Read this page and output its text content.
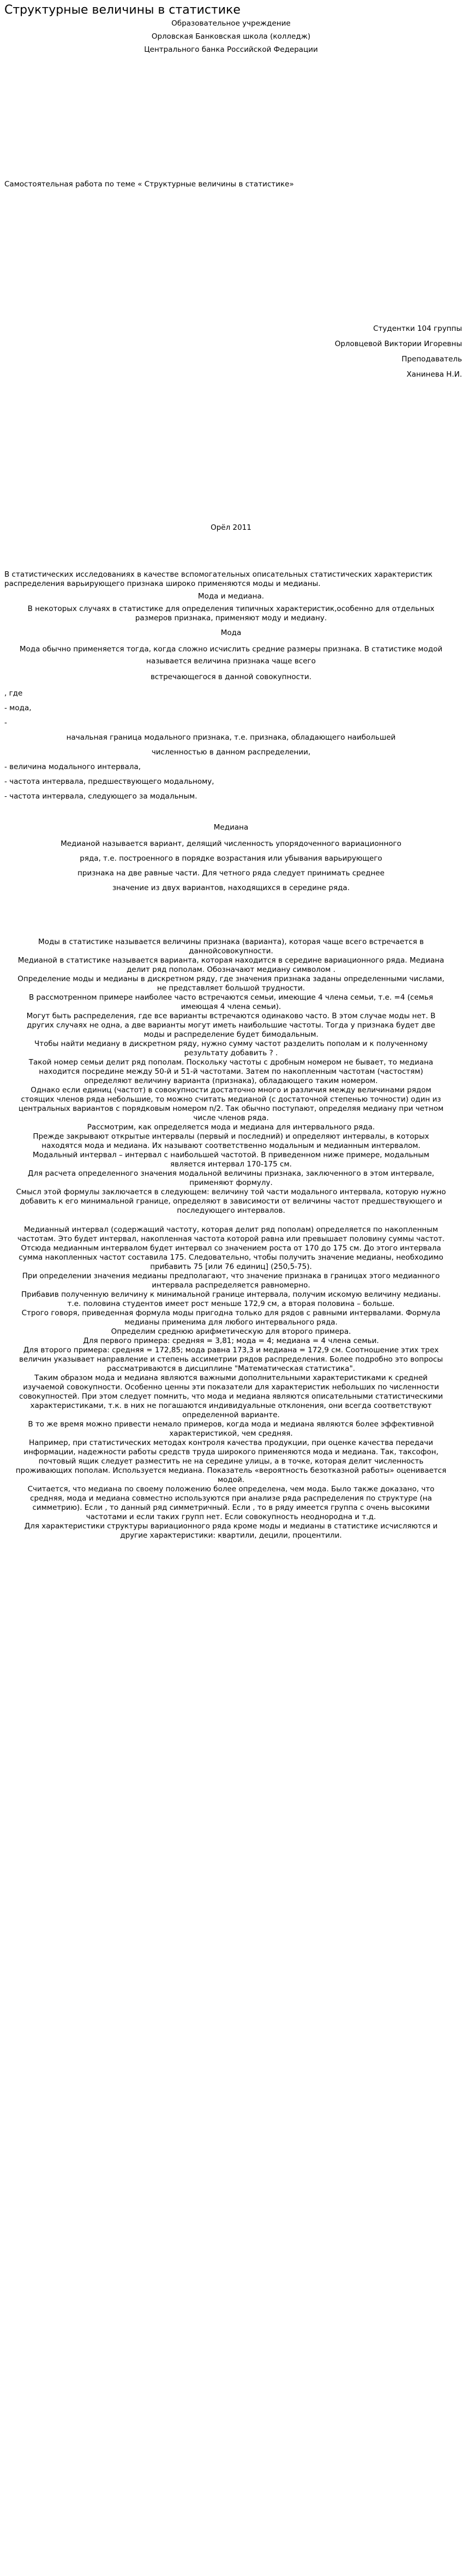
Структурные величины в статистике
Образовательное учреждение
Орловская Банковская школа (колледж)
Центрального банка Российской Федерации
Самостоятельная работа по теме « Структурные величины в статистике»
Студентки 104 группы
Орловцевой Виктории Игоревны
Преподаватель
Ханинева Н.И.
Орёл 2011
В статистических исследованиях в качестве вспомогательных описательных статистических характеристик распределения варьирующего признака широко применяются моды и медианы.
Мода и медиана.
В некоторых случаях в статистике для определения типичных характеристик,особенно для отдельных размеров признака, применяют моду и медиану.
Мода
Мода обычно применяется тогда, когда сложно исчислить средние размеры признака. В статистике модой называется величина признака чаще всего
встречающегося в данной совокупности.
, где
- мода,
-
начальная граница модального признака, т.е. признака, обладающего наибольшей
численностью в данном распределении,
- величина модального интервала,
- частота интервала, предшествующего модальному,
- частота интервала, следующего за модальным.
Медиана
Медианой называется вариант, делящий численность упорядоченного вариационного
ряда, т.е. построенного в порядке возрастания или убывания варьирующего
признака на две равные части. Для четного ряда следует принимать среднее
значение из двух вариантов, находящихся в середине ряда.
Моды в статистике называется величины признака (варианта), которая чаще всего встречается в даннойсовокупности.
Медианой в статистике называется варианта, которая находится в середине вариационного ряда. Медиана делит ряд пополам. Обозначают медиану символом .
Определение моды и медианы в дискретном ряду, где значения признака заданы определенными числами, не представляет большой трудности.
В рассмотренном примере наиболее часто встречаются семьи, имеющие 4 члена семьи, т.е. =4 (семья имеющая 4 члена семьи).
Могут быть распределения, где все варианты встречаются одинаково часто. В этом случае моды нет. В других случаях не одна, а две варианты могут иметь наибольшие частоты. Тогда у признака будет две моды и распределение будет бимодальным.
Чтобы найти медиану в дискретном ряду, нужно сумму частот разделить пополам и к полученному результату добавить ? .
Такой номер семьи делит ряд пополам. Поскольку частоты с дробным номером не бывает, то медиана находится посредине между 50-й и 51-й частотами. Затем по накопленным частотам (частостям) определяют величину варианта (признака), обладающего таким номером.
Однако если единиц (частот) в совокупности достаточно много и различия между величинами рядом стоящих членов ряда небольшие, то можно считать медианой (с достаточной степенью точности) один из центральных вариантов с порядковым номером n/2. Так обычно поступают, определяя медиану при четном числе членов ряда.
Рассмотрим, как определяется мода и медиана для интервального ряда.
Прежде закрывают открытые интервалы (первый и последний) и определяют интервалы, в которых находятся мода и медиана. Их называют соответственно модальным и медианным интервалом.
Модальный интервал – интервал с наибольшей частотой. В приведенном ниже примере, модальным является интервал 170-175 см.
Для расчета определенного значения модальной величины признака, заключенного в этом интервале, применяют формулу.
Смысл этой формулы заключается в следующем: величину той части модального интервала, которую нужно добавить к его минимальной границе, определяют в зависимости от величины частот предшествующего и последующего интервалов.
Медианный интервал (содержащий частоту, которая делит ряд пополам) определяется по накопленным частотам. Это будет интервал, накопленная частота которой равна или превышает половину суммы частот.
Отсюда медианным интервалом будет интервал со значением роста от 170 до 175 см. До этого интервала сумма накопленных частот составила 175. Следовательно, чтобы получить значение медианы, необходимо прибавить 75 [или 76 единиц] (250,5-75).
При определении значения медианы предполагают, что значение признака в границах этого медианного интервала распределяется равномерно.
Прибавив полученную величину к минимальной границе интервала, получим искомую величину медианы.
т.е. половина студентов имеет рост меньше 172,9 см, а вторая половина – больше.
Строго говоря, приведенная формула моды пригодна только для рядов с равными интервалами. Формула медианы применима для любого интервального ряда.
Определим среднюю арифметическую для второго примера.
Для первого примера: средняя = 3,81; мода = 4; медиана = 4 члена семьи.
Для второго примера: средняя = 172,85; мода равна 173,3 и медиана = 172,9 см. Соотношение этих трех величин указывает направление и степень ассиметрии рядов распределения. Более подробно это вопросы рассматриваются в дисциплине "Математическая статистика".
Таким образом мода и медиана являются важными дополнительными характеристиками к средней изучаемой совокупности. Особенно ценны эти показатели для характеристик небольших по численности совокупностей. При этом следует помнить, что мода и медиана являются описательными статистическими характеристиками, т.к. в них не погашаются индивидуальные отклонения, они всегда соответствуют определенной варианте.
В то же время можно привести немало примеров, когда мода и медиана являются более эффективной характеристикой, чем средняя.
Например, при статистических методах контроля качества продукции, при оценке качества передачи информации, надежности работы средств труда широкого применяются мода и медиана. Так, таксофон, почтовый ящик следует разместить не на середине улицы, а в точке, которая делит численность проживающих пополам. Используется медиана. Показатель «вероятность безотказной работы» оценивается модой.
Считается, что медиана по своему положению более определена, чем мода. Было также доказано, что средняя, мода и медиана совместно используются при анализе ряда распределения по структуре (на симметрию). Если , то данный ряд симметричный. Если , то в ряду имеется группа с очень высокими частотами и если таких групп нет. Если совокупность неоднородна и т.д.
Для характеристики структуры вариационного ряда кроме моды и медианы в статистике исчисляются и другие характеристики: квартили, децили, процентили.
